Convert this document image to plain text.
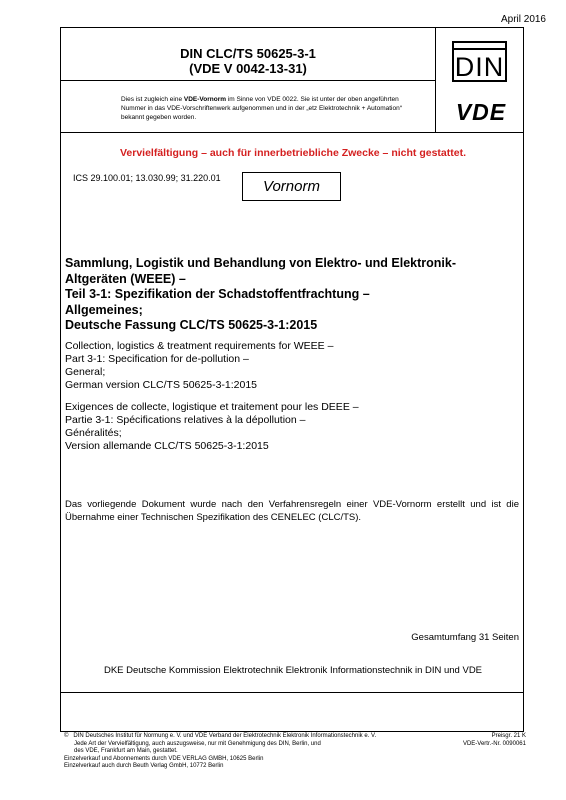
April 2016
DIN CLC/TS 50625-3-1
(VDE V 0042-13-31)
Dies ist zugleich eine VDE-Vornorm im Sinne von VDE 0022. Sie ist unter der oben angeführten Nummer in das VDE-Vorschriftenwerk aufgenommen und in der „etz Elektrotechnik + Automation“ bekannt gegeben worden.
DIN
VDE
Vervielfältigung – auch für innerbetriebliche Zwecke – nicht gestattet.
ICS 29.100.01; 13.030.99; 31.220.01	Vornorm
Sammlung, Logistik und Behandlung von Elektro- und Elektronik-
Altgeräten (WEEE) –
Teil 3-1: Spezifikation der Schadstoffentfrachtung –
Allgemeines;
Deutsche Fassung CLC/TS 50625-3-1:2015
Collection, logistics & treatment requirements for WEEE –
Part 3-1: Specification for de-pollution –
General;
German version CLC/TS 50625-3-1:2015
Exigences de collecte, logistique et traitement pour les DEEE –
Partie 3-1: Spécifications relatives à la dépollution –
Généralités;
Version allemande CLC/TS 50625-3-1:2015
Das vorliegende Dokument wurde nach den Verfahrensregeln einer VDE-Vornorm erstellt und ist die Übernahme einer Technischen Spezifikation des CENELEC (CLC/TS).
Gesamtumfang 31 Seiten
DKE Deutsche Kommission Elektrotechnik Elektronik Informationstechnik in DIN und VDE
©   DIN Deutsches Institut für Normung e. V. und VDE Verband der Elektrotechnik Elektronik Informationstechnik e. V.
Jede Art der Vervielfältigung, auch auszugsweise, nur mit Genehmigung des DIN, Berlin, und
des VDE, Frankfurt am Main, gestattet.
Einzelverkauf und Abonnements durch VDE VERLAG GMBH, 10625 Berlin
Einzelverkauf auch durch Beuth Verlag GmbH, 10772 Berlin
Preisgr. 21 K
VDE-Vertr.-Nr. 0090061
